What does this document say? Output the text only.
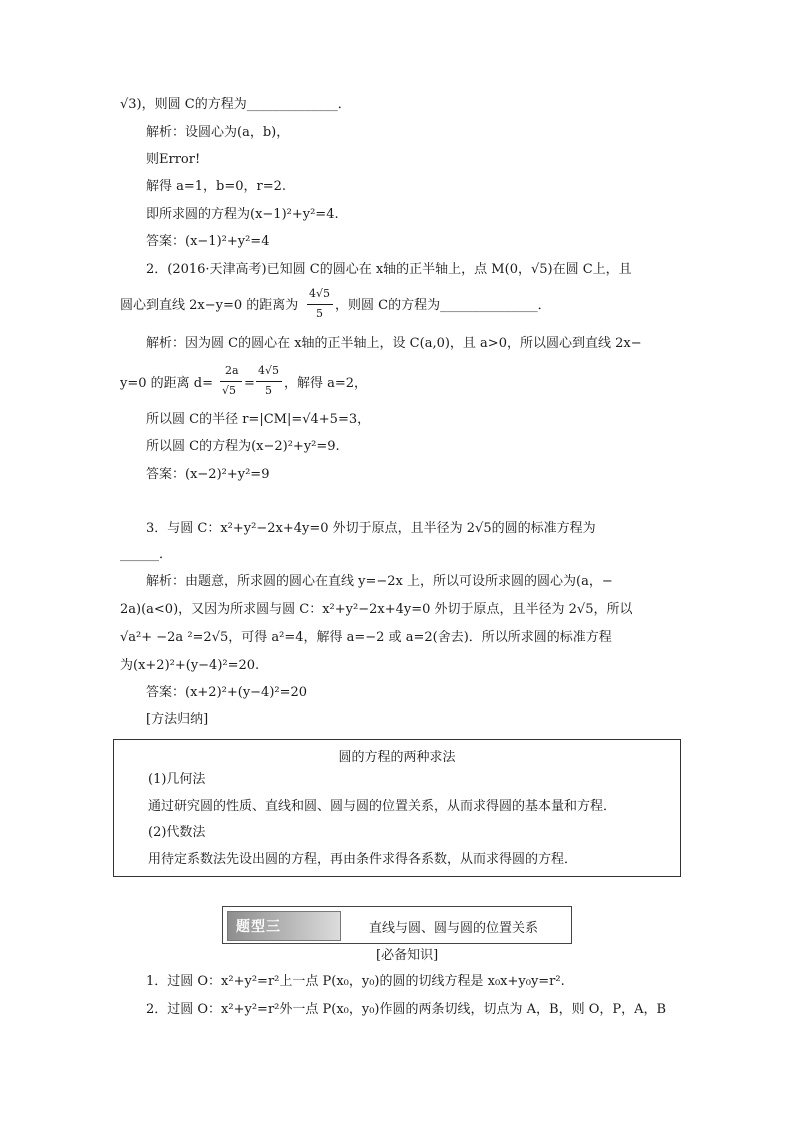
√3)，则圆 C的方程为______________．
解析：设圆心为(a，b)，
则Error!
解得 a=1，b=0，r=2.
即所求圆的方程为(x−1)²+y²=4.
答案：(x−1)²+y²=4
2．(2016·天津高考)已知圆 C的圆心在 x轴的正半轴上，点 M(0，√5)在圆 C上，且
圆心到直线 2x−y=0 的距离为
4√5
5
，则圆 C的方程为_______________．
解析：因为圆 C的圆心在 x轴的正半轴上，设 C(a,0)，且 a>0，所以圆心到直线 2x−
y=0 的距离 d=
2a
√5 =
4√5
5 ，解得 a=2，
所以圆 C的半径 r=|CM|=√4+5=3，
所以圆 C的方程为(x−2)²+y²=9.
答案：(x−2)²+y²=9
3．与圆 C：x²+y²−2x+4y=0 外切于原点，且半径为 2√5的圆的标准方程为
______．
解析：由题意，所求圆的圆心在直线 y=−2x 上，所以可设所求圆的圆心为(a，−
2a)(a<0)，又因为所求圆与圆 C：x²+y²−2x+4y=0 外切于原点，且半径为 2√5，所以
√a²+ −2a ²=2√5，可得 a²=4，解得 a=−2 或 a=2(舍去)．所以所求圆的标准方程
为(x+2)²+(y−4)²=20.
答案：(x+2)²+(y−4)²=20
[方法归纳]
圆的方程的两种求法
(1)几何法
通过研究圆的性质、直线和圆、圆与圆的位置关系，从而求得圆的基本量和方程．
(2)代数法
用待定系数法先设出圆的方程，再由条件求得各系数，从而求得圆的方程．
题型三	直线与圆、圆与圆的位置关系
[必备知识]
1．过圆 O：x²+y²=r²上一点 P(x₀，y₀)的圆的切线方程是 x₀x+y₀y=r².
2．过圆 O：x²+y²=r²外一点 P(x₀，y₀)作圆的两条切线，切点为 A，B，则 O，P，A，B
